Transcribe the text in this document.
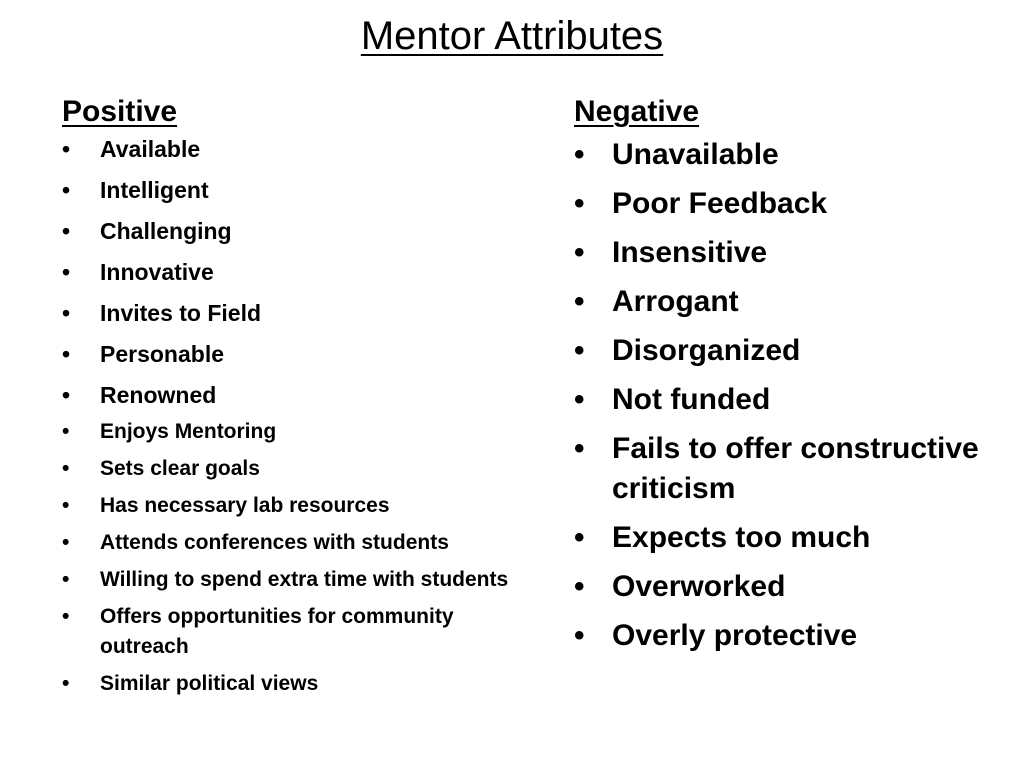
Mentor Attributes
Positive
• Available
• Intelligent
• Challenging
• Innovative
• Invites to Field
• Personable
• Renowned
• Enjoys Mentoring
• Sets clear goals
• Has necessary lab resources
• Attends conferences with students
• Willing to spend extra time with students
• Offers opportunities for community outreach
• Similar political views
Negative
• Unavailable
• Poor Feedback
• Insensitive
• Arrogant
• Disorganized
• Not funded
• Fails to offer constructive criticism
• Expects too much
• Overworked
• Overly protective
